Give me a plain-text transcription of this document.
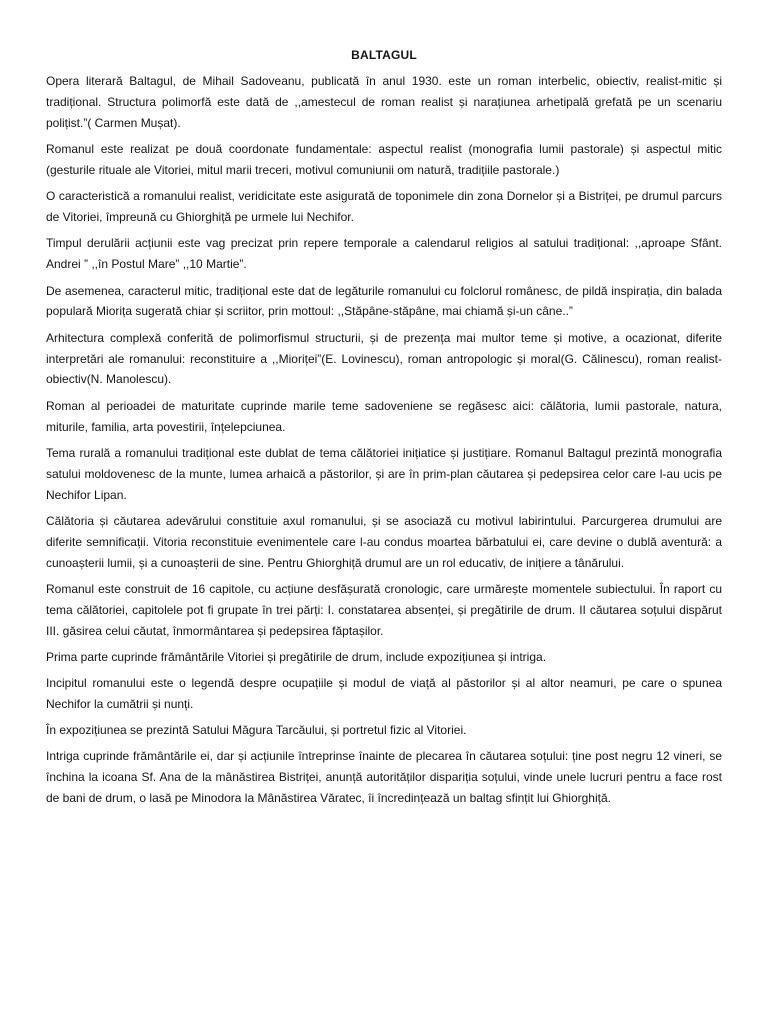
BALTAGUL

Opera literară Baltagul, de Mihail Sadoveanu, publicată în anul 1930. este un roman interbelic, obiectiv, realist-mitic și tradițional. Structura polimorfă este dată de ,,amestecul de roman realist și narațiunea arhetipală grefată pe un scenariu polițist.”( Carmen Mușat).

Romanul este realizat pe două coordonate fundamentale: aspectul realist (monografia lumii pastorale) și aspectul mitic (gesturile rituale ale Vitoriei, mitul marii treceri, motivul comuniunii om natură, tradițiile pastorale.)

O caracteristică a romanului realist, veridicitate este asigurată de toponimele din zona Dornelor și a Bistriței, pe drumul parcurs de Vitoriei, împreună cu Ghiorghiță pe urmele lui Nechifor.

Timpul derulării acțiunii este vag precizat prin repere temporale a calendarul religios al satului tradițional: ,,aproape Sfânt. Andrei ” ,,în Postul Mare” ,,10 Martie”.

De asemenea, caracterul mitic, tradițional este dat de legăturile romanului cu folclorul românesc, de pildă inspirația, din balada populară Miorița sugerată chiar și scriitor, prin mottoul: ,,Stăpâne-stăpâne, mai chiamă și-un câne..”

Arhitectura complexă conferită de polimorfismul structurii, și de prezența mai multor teme și motive, a ocazionat, diferite interpretări ale romanului: reconstituire a ,,Mioriței”(E. Lovinescu), roman antropologic și moral(G. Călinescu), roman realist-obiectiv(N. Manolescu).

Roman al perioadei de maturitate cuprinde marile teme sadoveniene se regăsesc aici: călătoria, lumii pastorale, natura, miturile, familia, arta povestirii, înțelepciunea.

Tema rurală a romanului tradițional este dublat de tema călătoriei inițiatice și justițiare. Romanul Baltagul prezintă monografia satului moldovenesc de la munte, lumea arhaică a păstorilor, și are în prim-plan căutarea și pedepsirea celor care l-au ucis pe Nechifor Lipan.

Călătoria și căutarea adevărului constituie axul romanului, și se asociază cu motivul labirintului. Parcurgerea drumului are diferite semnificații. Vitoria reconstituie evenimentele care l-au condus moartea bărbatului ei, care devine o dublă aventură: a cunoașterii lumii, și a cunoașterii de sine. Pentru Ghiorghiță drumul are un rol educativ, de inițiere a tânărului.

Romanul este construit de 16 capitole, cu acțiune desfășurată cronologic, care urmărește momentele subiectului. În raport cu tema călătoriei, capitolele pot fi grupate în trei părți: I. constatarea absenței, și pregătirile de drum. II căutarea soțului dispărut III. găsirea celui căutat, înmormântarea și pedepsirea făptașilor.

Prima parte cuprinde frământările Vitoriei și pregătirile de drum, include expozițiunea și intriga.

Incipitul romanului este o legendă despre ocupațiile și modul de viață al păstorilor și al altor neamuri, pe care o spunea Nechifor la cumătrii și nunți.

În expozițiunea se prezintă Satului Măgura Tarcăului, și portretul fizic al Vitoriei.

Intriga cuprinde frământările ei, dar și acțiunile întreprinse înainte de plecarea în căutarea soțului: ține post negru 12 vineri, se închina la icoana Sf. Ana de la mânăstirea Bistriței, anunță autorităților dispariția soțului, vinde unele lucruri pentru a face rost de bani de drum, o lasă pe Minodora la Mânăstirea Văratec, îi încredințează un baltag sfințit lui Ghiorghiță.
